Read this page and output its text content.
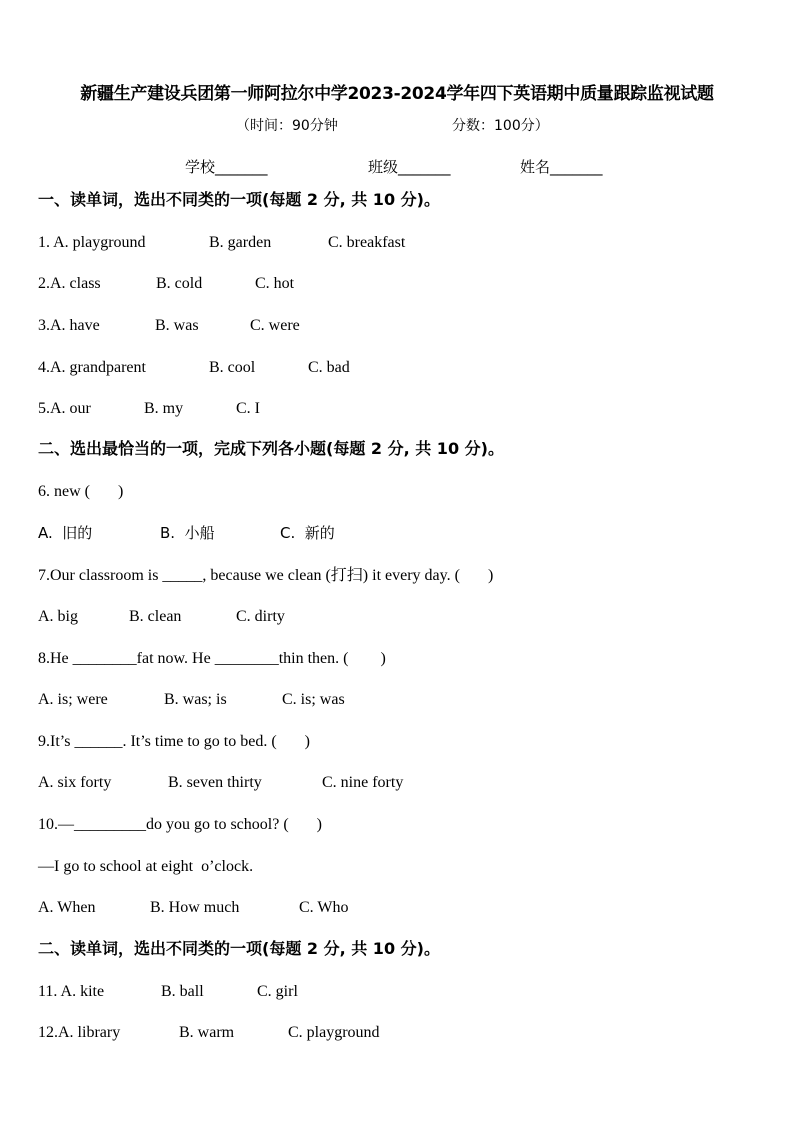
新疆生产建设兵团第一师阿拉尔中学2023-2024学年四下英语期中质量跟踪监视试题
（时间：90分钟	分数：100分）
学校_______	班级_______	姓名_______
一、读单词，选出不同类的一项(每题 2 分, 共 10 分)。
1. A. playground	B. garden	C. breakfast
2.A. class	B. cold	C. hot
3.A. have	B. was	C. were
4.A. grandparent	B. cool	C. bad
5.A. our	B. my	C. I
二、选出最恰当的一项，完成下列各小题(每题 2 分, 共 10 分)。
6. new (       )
A.  旧的	B.  小船	C.  新的
7.Our classroom is _____, because we clean (打扫) it every day. (       )
A. big	B. clean	C. dirty
8.He ________fat now. He ________thin then. (        )
A. is; were	B. was; is	C. is; was
9.It’s ______. It’s time to go to bed. (       )
A. six forty	B. seven thirty	C. nine forty
10.—_________do you go to school? (       )
—I go to school at eight  o’clock.
A. When	B. How much	C. Who
二、读单词，选出不同类的一项(每题 2 分, 共 10 分)。
11. A. kite	B. ball	C. girl
12.A. library	B. warm	C. playground
